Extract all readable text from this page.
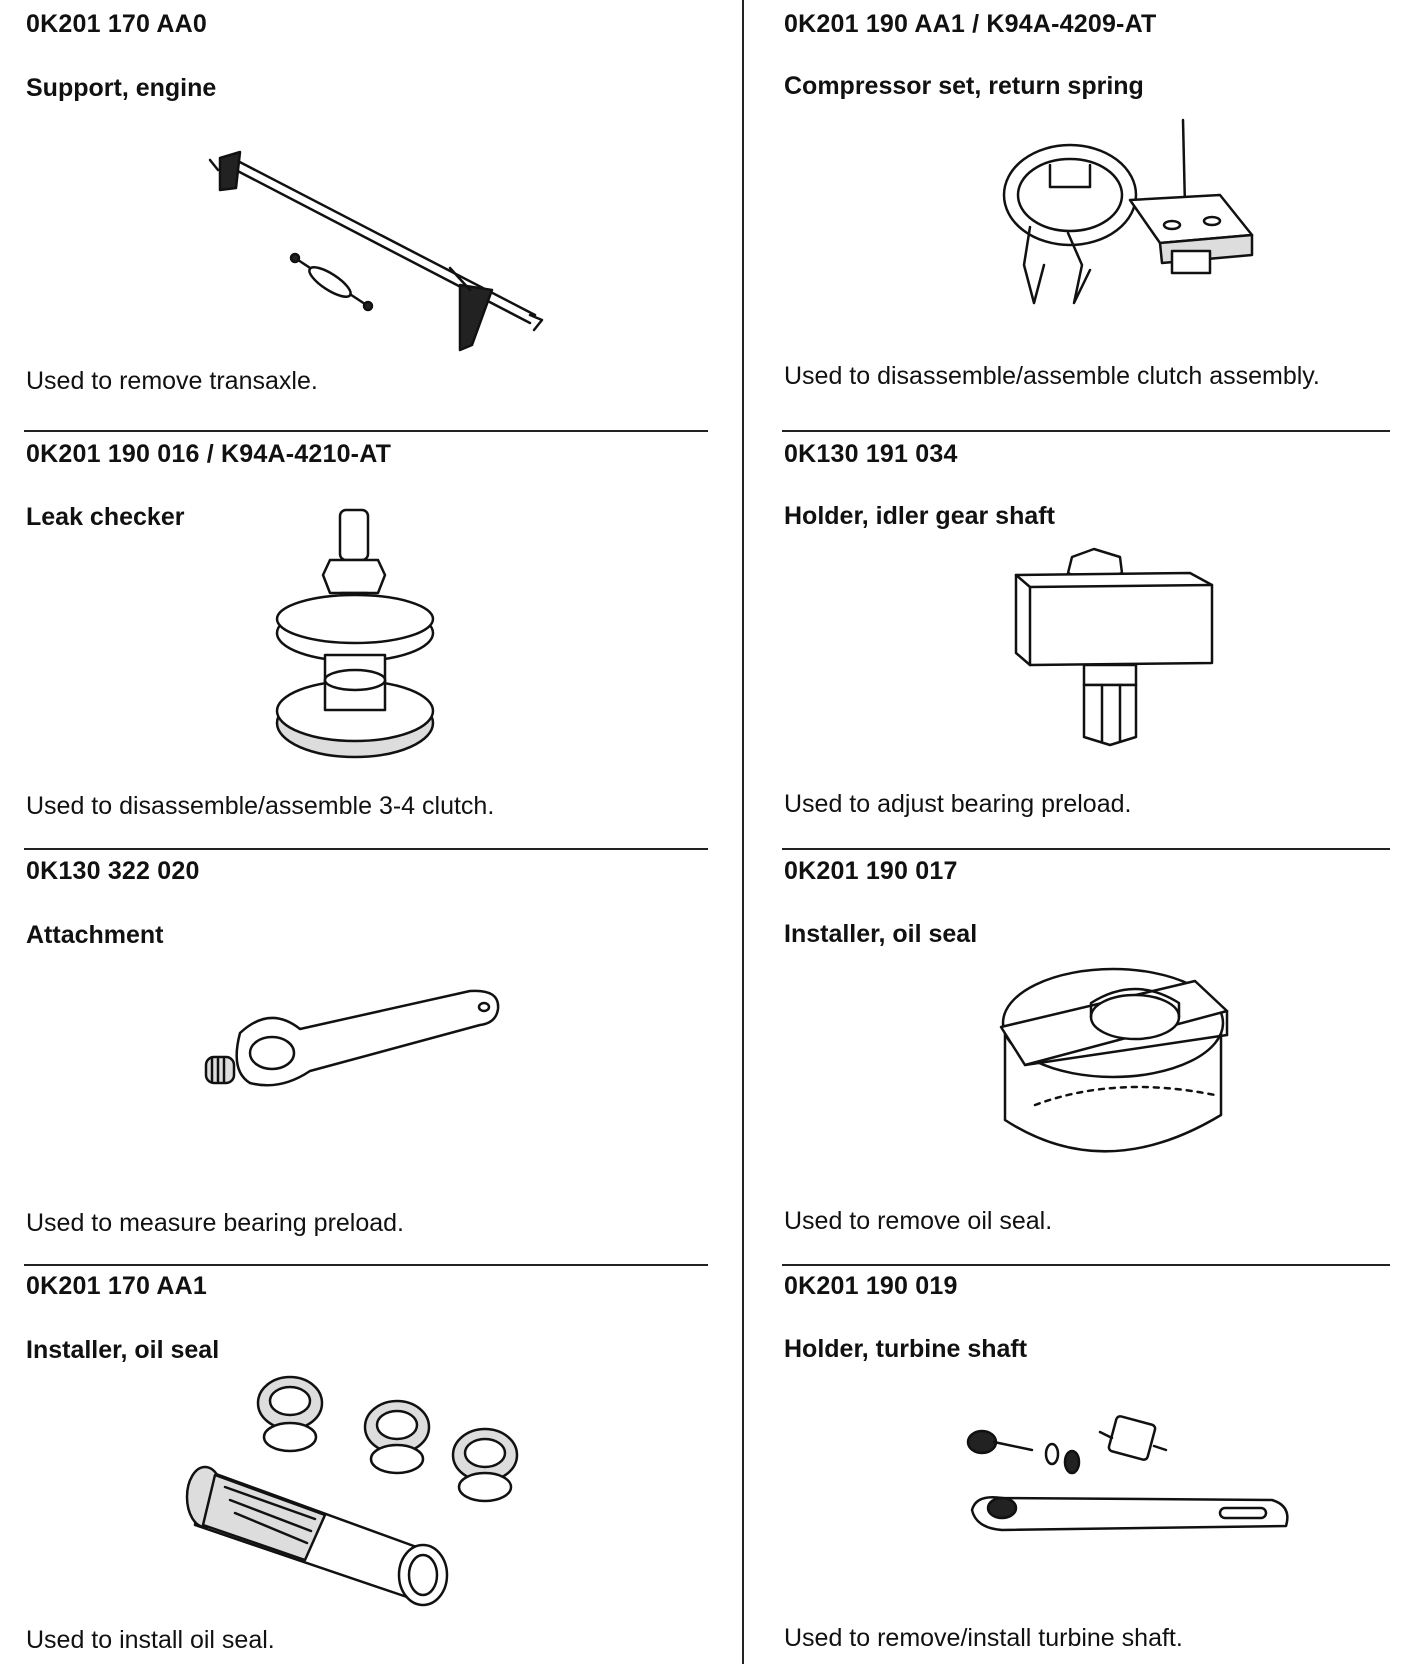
0K201 170 AA0
Support, engine
Used to remove transaxle.
0K201 190 AA1 / K94A-4209-AT
Compressor set, return spring
Used to disassemble/assemble clutch assembly.
0K201 190 016 / K94A-4210-AT
Leak checker
Used to disassemble/assemble 3-4 clutch.
0K130 191 034
Holder, idler gear shaft
Used to adjust bearing preload.
0K130 322 020
Attachment
Used to measure bearing preload.
0K201 190 017
Installer, oil seal
Used to remove oil seal.
0K201 170 AA1
Installer, oil seal
Used to install oil seal.
0K201 190 019
Holder, turbine shaft
Used to remove/install turbine shaft.
